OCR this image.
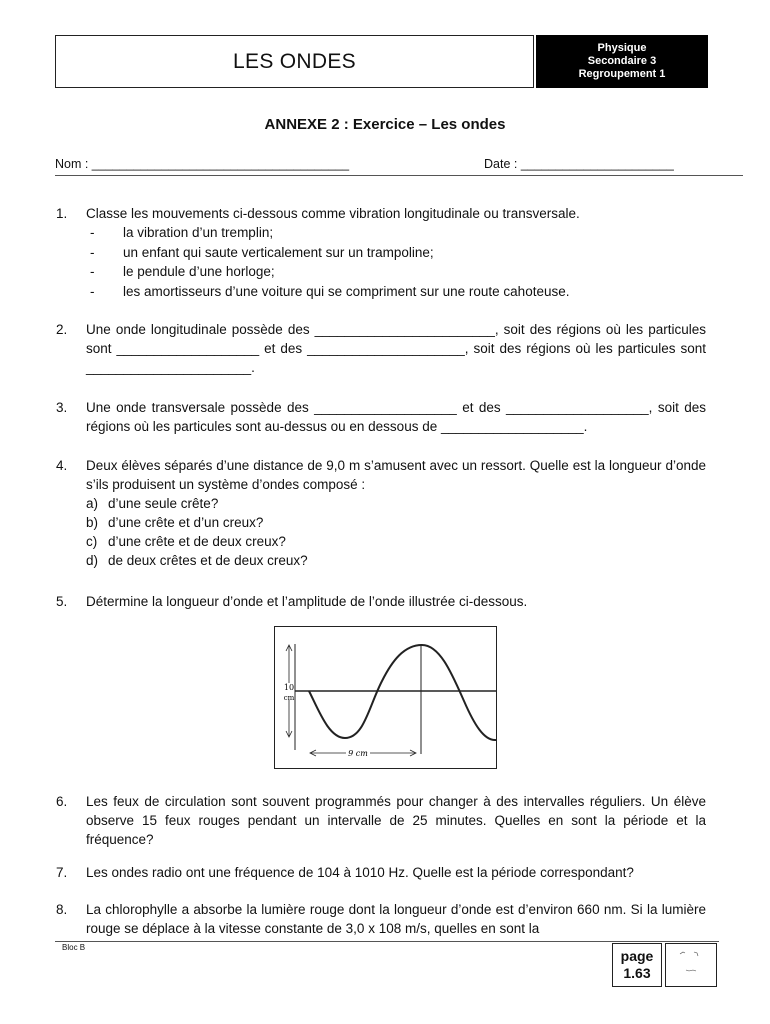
LES ONDES
Physique
Secondaire 3
Regroupement 1
ANNEXE 2 : Exercice – Les ondes
Nom : _____________________________________	Date : ______________________
1. Classe les mouvements ci-dessous comme vibration longitudinale ou transversale.
- la vibration d’un tremplin;
- un enfant qui saute verticalement sur un trampoline;
- le pendule d’une horloge;
- les amortisseurs d’une voiture qui se compriment sur une route cahoteuse.
2. Une onde longitudinale possède des ________________________, soit des régions où les particules sont ___________________ et des _____________________, soit des régions où les particules sont ______________________.
3. Une onde transversale possède des ___________________ et des ___________________, soit des régions où les particules sont au-dessus ou en dessous de ___________________.
4. Deux élèves séparés d’une distance de 9,0 m s’amusent avec un ressort. Quelle est la longueur d’onde s’ils produisent un système d’ondes composé :
a) d’une seule crête?
b) d’une crête et d’un creux?
c) d’une crête et de deux creux?
d) de deux crêtes et de deux creux?
5. Détermine la longueur d’onde et l’amplitude de l’onde illustrée ci-dessous.
10
cm
9 cm
6. Les feux de circulation sont souvent programmés pour changer à des intervalles réguliers. Un élève observe 15 feux rouges pendant un intervalle de 25 minutes. Quelles en sont la période et la fréquence?
7. Les ondes radio ont une fréquence de 104 à 1010 Hz. Quelle est la période correspondant?
8. La chlorophylle a absorbe la lumière rouge dont la longueur d’onde est d’environ 660 nm. Si la lumière rouge se déplace à la vitesse constante de 3,0 x 108 m/s, quelles en sont la
Bloc B
page
1.63
